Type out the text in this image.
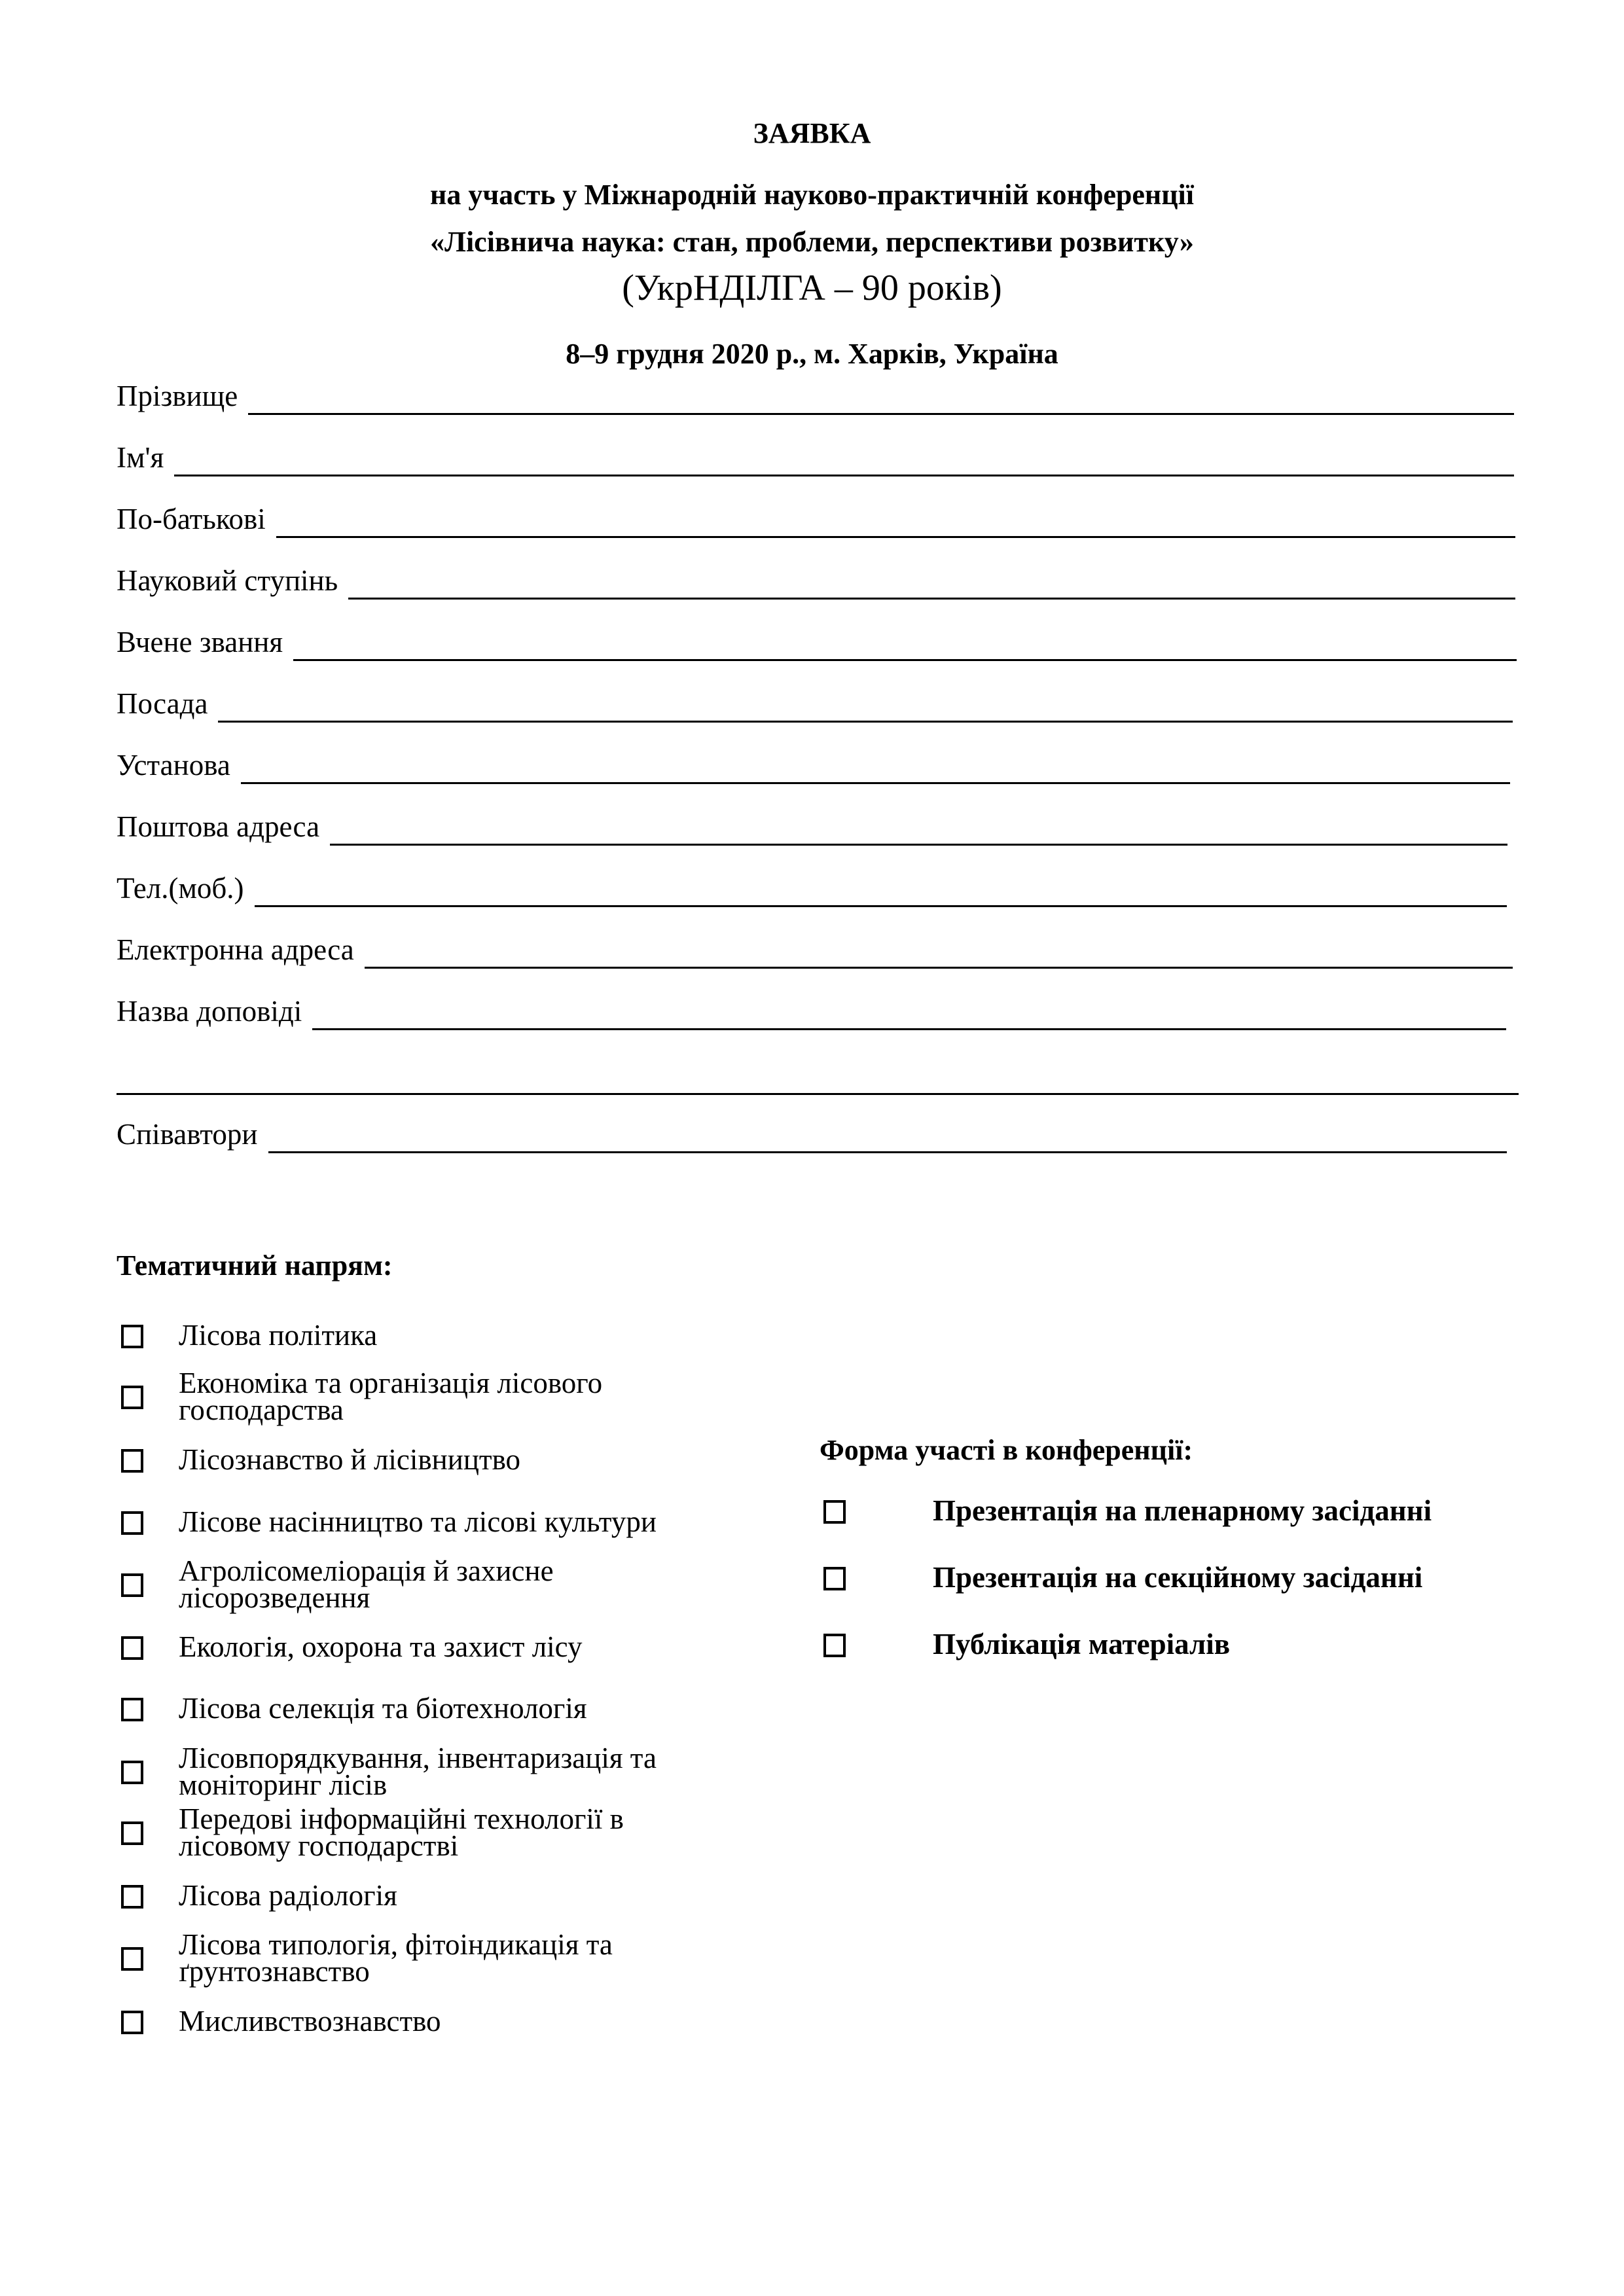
ЗАЯВКА
на участь у Міжнародній науково-практичній конференції
«Лісівнича наука: стан, проблеми, перспективи розвитку»
(УкрНДІЛГА – 90 років)
8–9 грудня 2020 р., м. Харків, Україна
Прізвище
Ім'я
По-батькові
Науковий ступінь
Вчене звання
Посада
Установа
Поштова адреса
Тел.(моб.)
Електронна адреса
Назва доповіді
Співавтори
Тематичний напрям:
Лісова політика
Економіка та організація лісового
господарства
Лісознавство й лісівництво
Лісове насінництво та лісові культури
Агролісомеліорація й захисне
лісорозведення
Екологія, охорона та захист лісу
Лісова селекція та біотехнологія
Лісовпорядкування, інвентаризація та
моніторинг лісів
Передові інформаційні технології в
лісовому господарстві
Лісова радіологія
Лісова типологія, фітоіндикація та
ґрунтознавство
Мисливствознавство
Форма участі в конференції:
Презентація на пленарному засіданні
Презентація на секційному засіданні
Публікація матеріалів
